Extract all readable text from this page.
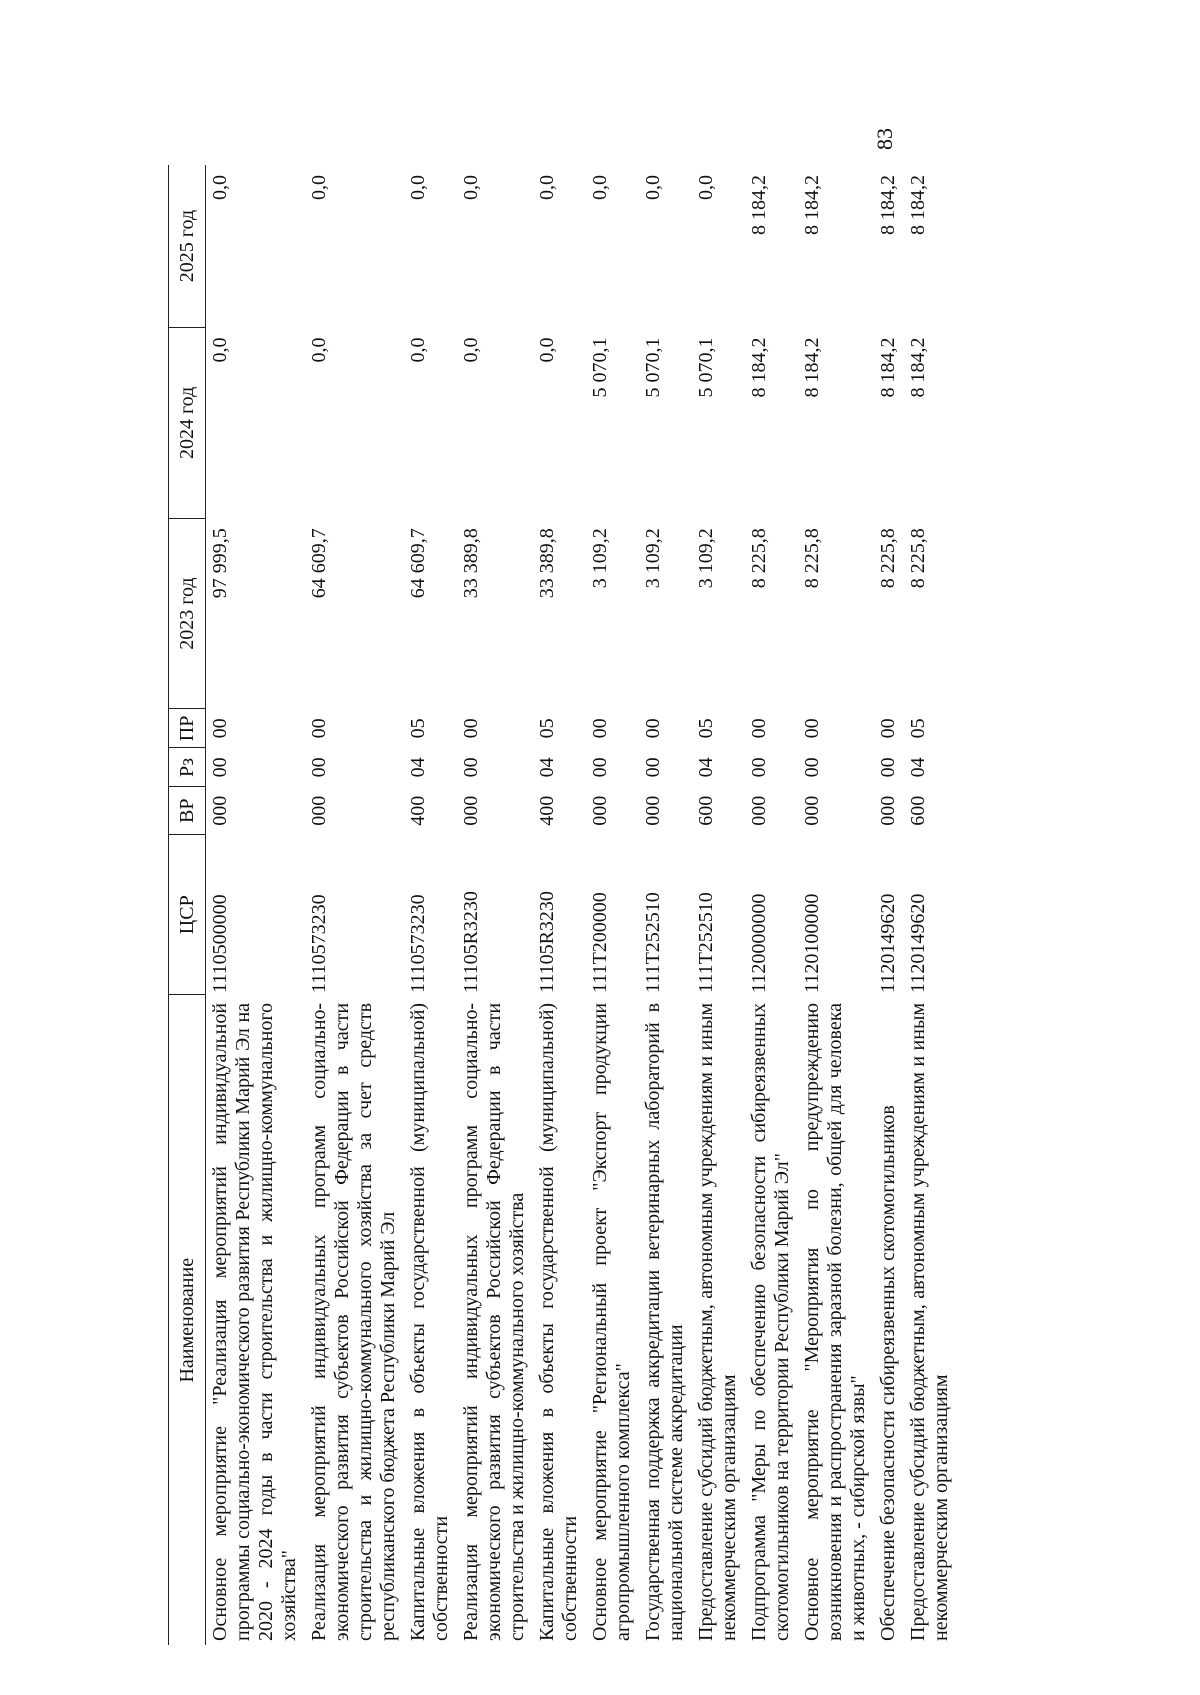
83
Наименование	ЦСР	ВР	Рз	ПР	2023 год	2024 год	2025 год
Основное мероприятие "Реализация мероприятий индивидуальной программы социально-экономического развития Республики Марий Эл на 2020 - 2024 годы в части строительства и жилищно-коммунального хозяйства"	1110500000	000	00	00	97 999,5	0,0	0,0
Реализация мероприятий индивидуальных программ социально-экономического развития субъектов Российской Федерации в части строительства и жилищно-коммунального хозяйства за счет средств республиканского бюджета Республики Марий Эл	1110573230	000	00	00	64 609,7	0,0	0,0
Капитальные вложения в объекты государственной (муниципальной) собственности	1110573230	400	04	05	64 609,7	0,0	0,0
Реализация мероприятий индивидуальных программ социально-экономического развития субъектов Российской Федерации в части строительства и жилищно-коммунального хозяйства	11105R3230	000	00	00	33 389,8	0,0	0,0
Капитальные вложения в объекты государственной (муниципальной) собственности	11105R3230	400	04	05	33 389,8	0,0	0,0
Основное мероприятие "Региональный проект "Экспорт продукции агропромышленного комплекса"	111T200000	000	00	00	3 109,2	5 070,1	0,0
Государственная поддержка аккредитации ветеринарных лабораторий в национальной системе аккредитации	111T252510	000	00	00	3 109,2	5 070,1	0,0
Предоставление субсидий бюджетным, автономным учреждениям и иным некоммерческим организациям	111T252510	600	04	05	3 109,2	5 070,1	0,0
Подпрограмма "Меры по обеспечению безопасности сибиреязвенных скотомогильников на территории Республики Марий Эл"	1120000000	000	00	00	8 225,8	8 184,2	8 184,2
Основное мероприятие "Мероприятия по предупреждению возникновения и распространения заразной болезни, общей для человека и животных, - сибирской язвы"	1120100000	000	00	00	8 225,8	8 184,2	8 184,2
Обеспечение безопасности сибиреязвенных скотомогильников	1120149620	000	00	00	8 225,8	8 184,2	8 184,2
Предоставление субсидий бюджетным, автономным учреждениям и иным некоммерческим организациям	1120149620	600	04	05	8 225,8	8 184,2	8 184,2
